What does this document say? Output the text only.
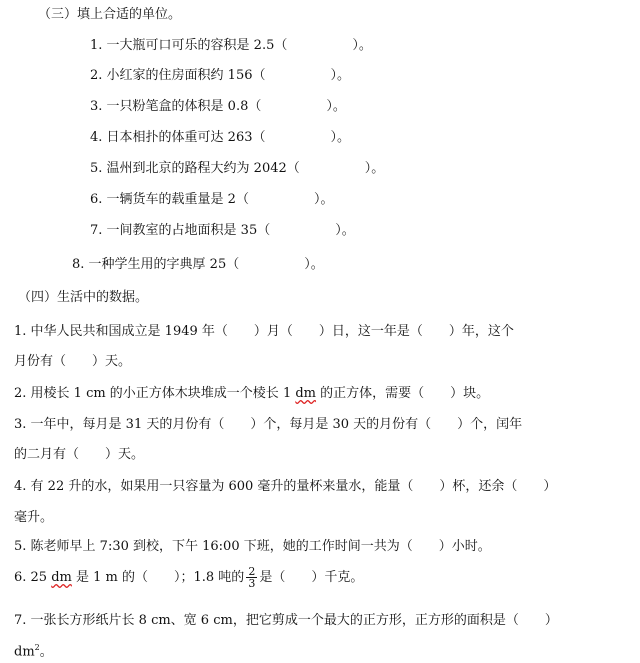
（三）填上合适的单位。
1. 一大瓶可口可乐的容积是 2.5（　　　　　）。
2. 小红家的住房面积约 156（　　　　　）。
3. 一只粉笔盒的体积是 0.8（　　　　　）。
4. 日本相扑的体重可达 263（　　　　　）。
5. 温州到北京的路程大约为 2042（　　　　　）。
6. 一辆货车的载重量是 2（　　　　　）。
7. 一间教室的占地面积是 35（　　　　　）。
8. 一种学生用的字典厚 25（　　　　　）。
（四）生活中的数据。
1. 中华人民共和国成立是 1949 年（　　）月（　　）日，这一年是（　　）年，这个
月份有（　　）天。
2. 用棱长 1 cm 的小正方体木块堆成一个棱长 1 dm 的正方体，需要（　　）块。
3. 一年中，每月是 31 天的月份有（　　）个，每月是 30 天的月份有（　　）个，闰年
的二月有（　　）天。
4. 有 22 升的水，如果用一只容量为 600 毫升的量杯来量水，能量（　　）杯，还余（　　）
毫升。
5. 陈老师早上 7:30 到校，下午 16:00 下班，她的工作时间一共为（　　）小时。
6. 25 dm 是 1 m 的（　　）；1.8 吨的 $\frac{2}{3}$ 是（　　）千克。
7. 一张长方形纸片长 8 cm、宽 6 cm，把它剪成一个最大的正方形，正方形的面积是（　　）
$dm^2$。
